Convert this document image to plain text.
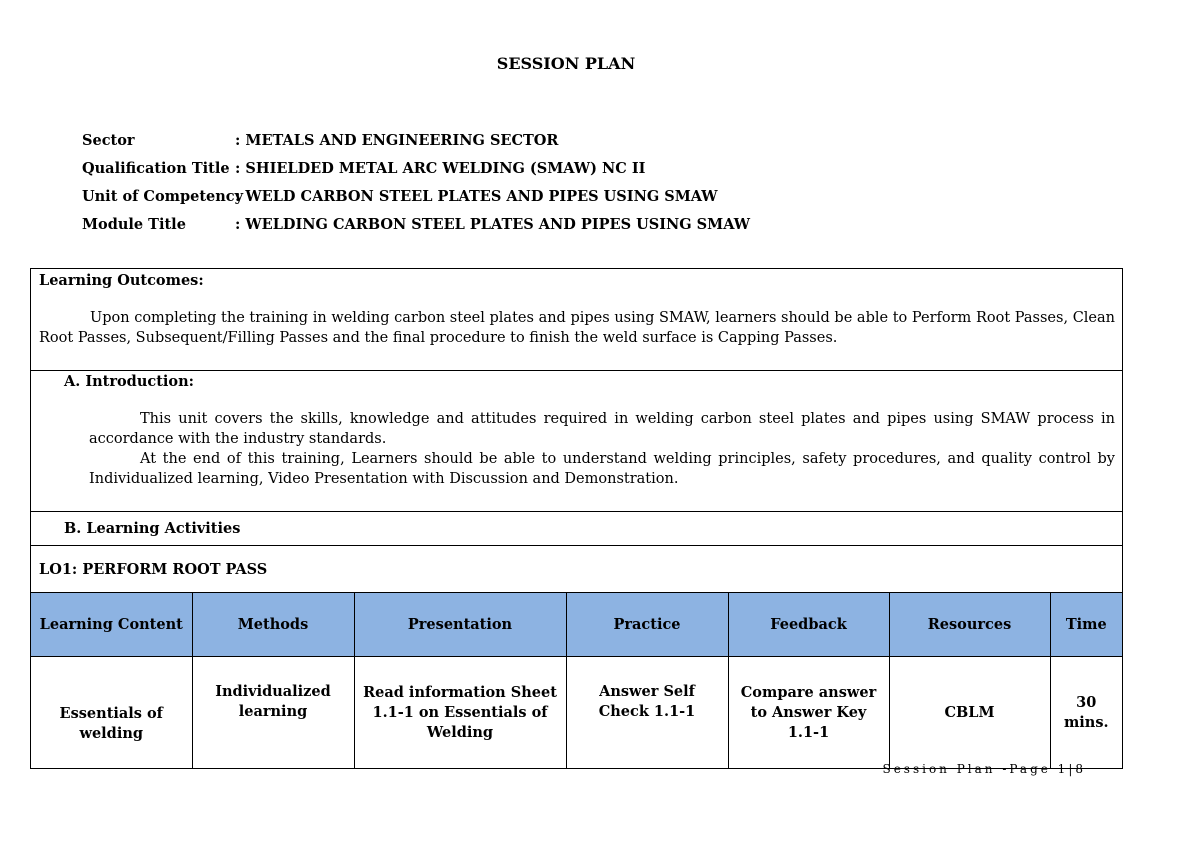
SESSION PLAN
Sector	: METALS AND ENGINEERING SECTOR
Qualification Title : SHIELDED METAL ARC WELDING (SMAW) NC II
Unit of Competency
: WELD CARBON STEEL PLATES AND PIPES USING SMAW
Module Title	: WELDING CARBON STEEL PLATES AND PIPES USING SMAW
Learning Outcomes:

Upon completing the training in welding carbon steel plates and pipes using SMAW, learners should be able to Perform Root Passes, Clean Root Passes, Subsequent/Filling Passes and the final procedure to finish the weld surface is Capping Passes.

A. Introduction:

This unit covers the skills, knowledge and attitudes required in welding carbon steel plates and pipes using SMAW process in accordance with the industry standards.

At the end of this training, Learners should be able to understand welding principles, safety procedures, and quality control by Individualized learning, Video Presentation with Discussion and Demonstration.

B. Learning Activities
LO1: PERFORM ROOT PASS
Learning Content	Methods	Presentation	Practice	Feedback	Resources	Time
Essentials of welding	Individualized learning	Read information Sheet 1.1-1 on Essentials of Welding	Answer Self Check 1.1-1	Compare answer to Answer Key 1.1-1	CBLM	30 mins.
Session Plan -Page 1|8
